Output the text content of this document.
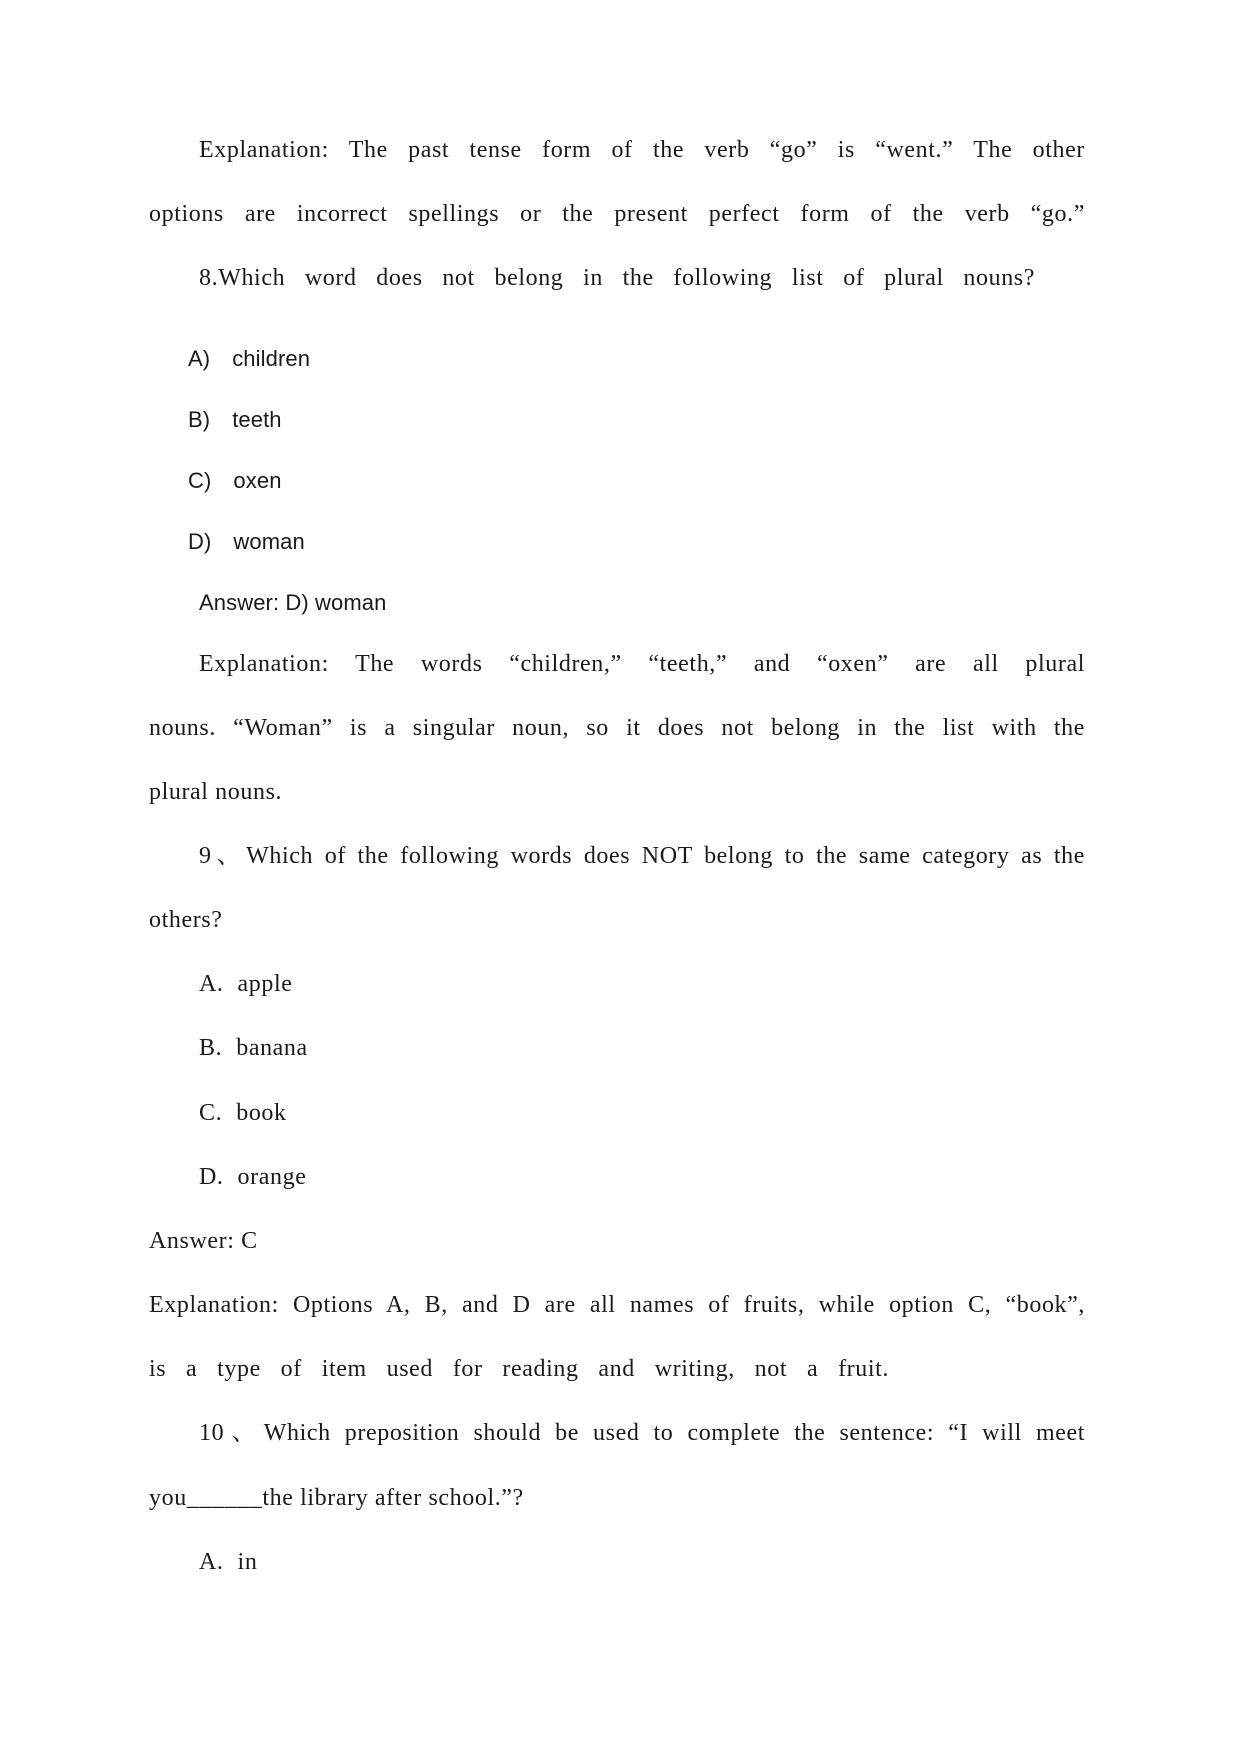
Explanation: The past tense form of the verb “go” is “went.” The other
options are incorrect spellings or the present perfect form of the verb “go.”
8.Which word does not belong in the following list of plural nouns?
A) children
B) teeth
C) oxen
D) woman
Answer: D) woman
Explanation: The words “children,” “teeth,” and “oxen” are all plural
nouns. “Woman” is a singular noun, so it does not belong in the list with the
plural nouns.
9、Which of the following words does NOT belong to the same category as the
others?
A. apple
B. banana
C. book
D. orange
Answer: C
Explanation: Options A, B, and D are all names of fruits, while option C, “book”,
is a type of item used for reading and writing, not a fruit.
10、Which preposition should be used to complete the sentence: “I will meet
you______the library after school.”?
A. in
